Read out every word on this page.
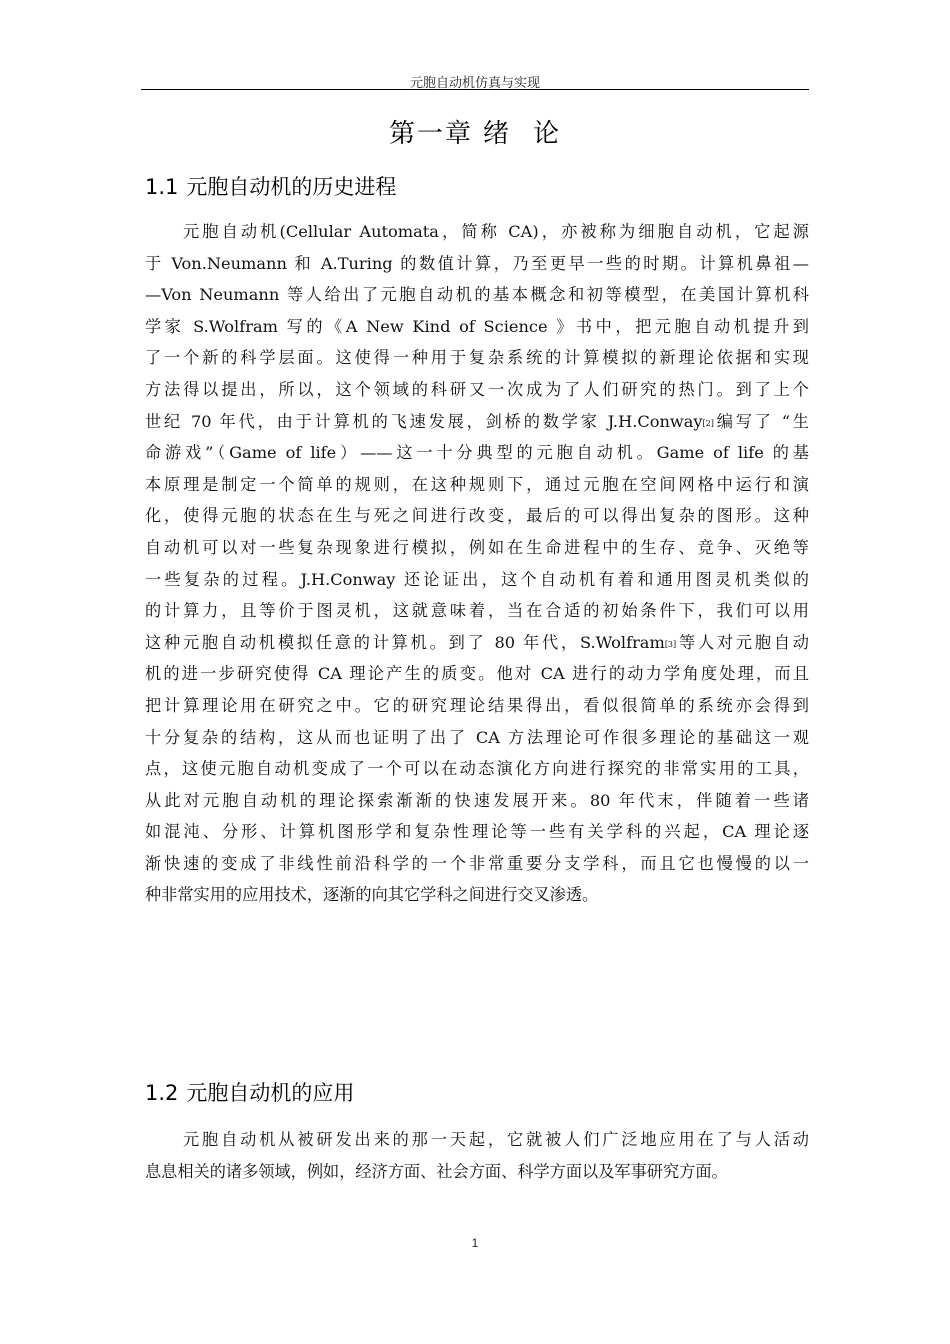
元胞自动机仿真与实现
第一章 绪 论
1.1 元胞自动机的历史进程
元胞自动机(Cellular Automata，简称 CA)，亦被称为细胞自动机，它起源
于 Von.Neumann 和 A.Turing 的数值计算，乃至更早一些的时期。计算机鼻祖—
—Von Neumann 等人给出了元胞自动机的基本概念和初等模型，在美国计算机科
学家 S.Wolfram 写的《A New Kind of Science 》书中，把元胞自动机提升到
了一个新的科学层面。这使得一种用于复杂系统的计算模拟的新理论依据和实现
方法得以提出，所以，这个领域的科研又一次成为了人们研究的热门。到了上个
世纪 70 年代，由于计算机的飞速发展，剑桥的数学家 J.H.Conway[2]编写了 “生
命游戏”（Game of life）——这一十分典型的元胞自动机。Game of life 的基
本原理是制定一个简单的规则，在这种规则下，通过元胞在空间网格中运行和演
化，使得元胞的状态在生与死之间进行改变，最后的可以得出复杂的图形。这种
自动机可以对一些复杂现象进行模拟，例如在生命进程中的生存、竞争、灭绝等
一些复杂的过程。J.H.Conway 还论证出，这个自动机有着和通用图灵机类似的
的计算力，且等价于图灵机，这就意味着，当在合适的初始条件下，我们可以用
这种元胞自动机模拟任意的计算机。到了 80 年代，S.Wolfram[3]等人对元胞自动
机的进一步研究使得 CA 理论产生的质变。他对 CA 进行的动力学角度处理，而且
把计算理论用在研究之中。它的研究理论结果得出，看似很简单的系统亦会得到
十分复杂的结构，这从而也证明了出了 CA 方法理论可作很多理论的基础这一观
点，这使元胞自动机变成了一个可以在动态演化方向进行探究的非常实用的工具，
从此对元胞自动机的理论探索渐渐的快速发展开来。80 年代末，伴随着一些诸
如混沌、分形、计算机图形学和复杂性理论等一些有关学科的兴起，CA 理论逐
渐快速的变成了非线性前沿科学的一个非常重要分支学科，而且它也慢慢的以一
种非常实用的应用技术，逐渐的向其它学科之间进行交叉渗透。
1.2 元胞自动机的应用
元胞自动机从被研发出来的那一天起，它就被人们广泛地应用在了与人活动
息息相关的诸多领域，例如，经济方面、社会方面、科学方面以及军事研究方面。
1
